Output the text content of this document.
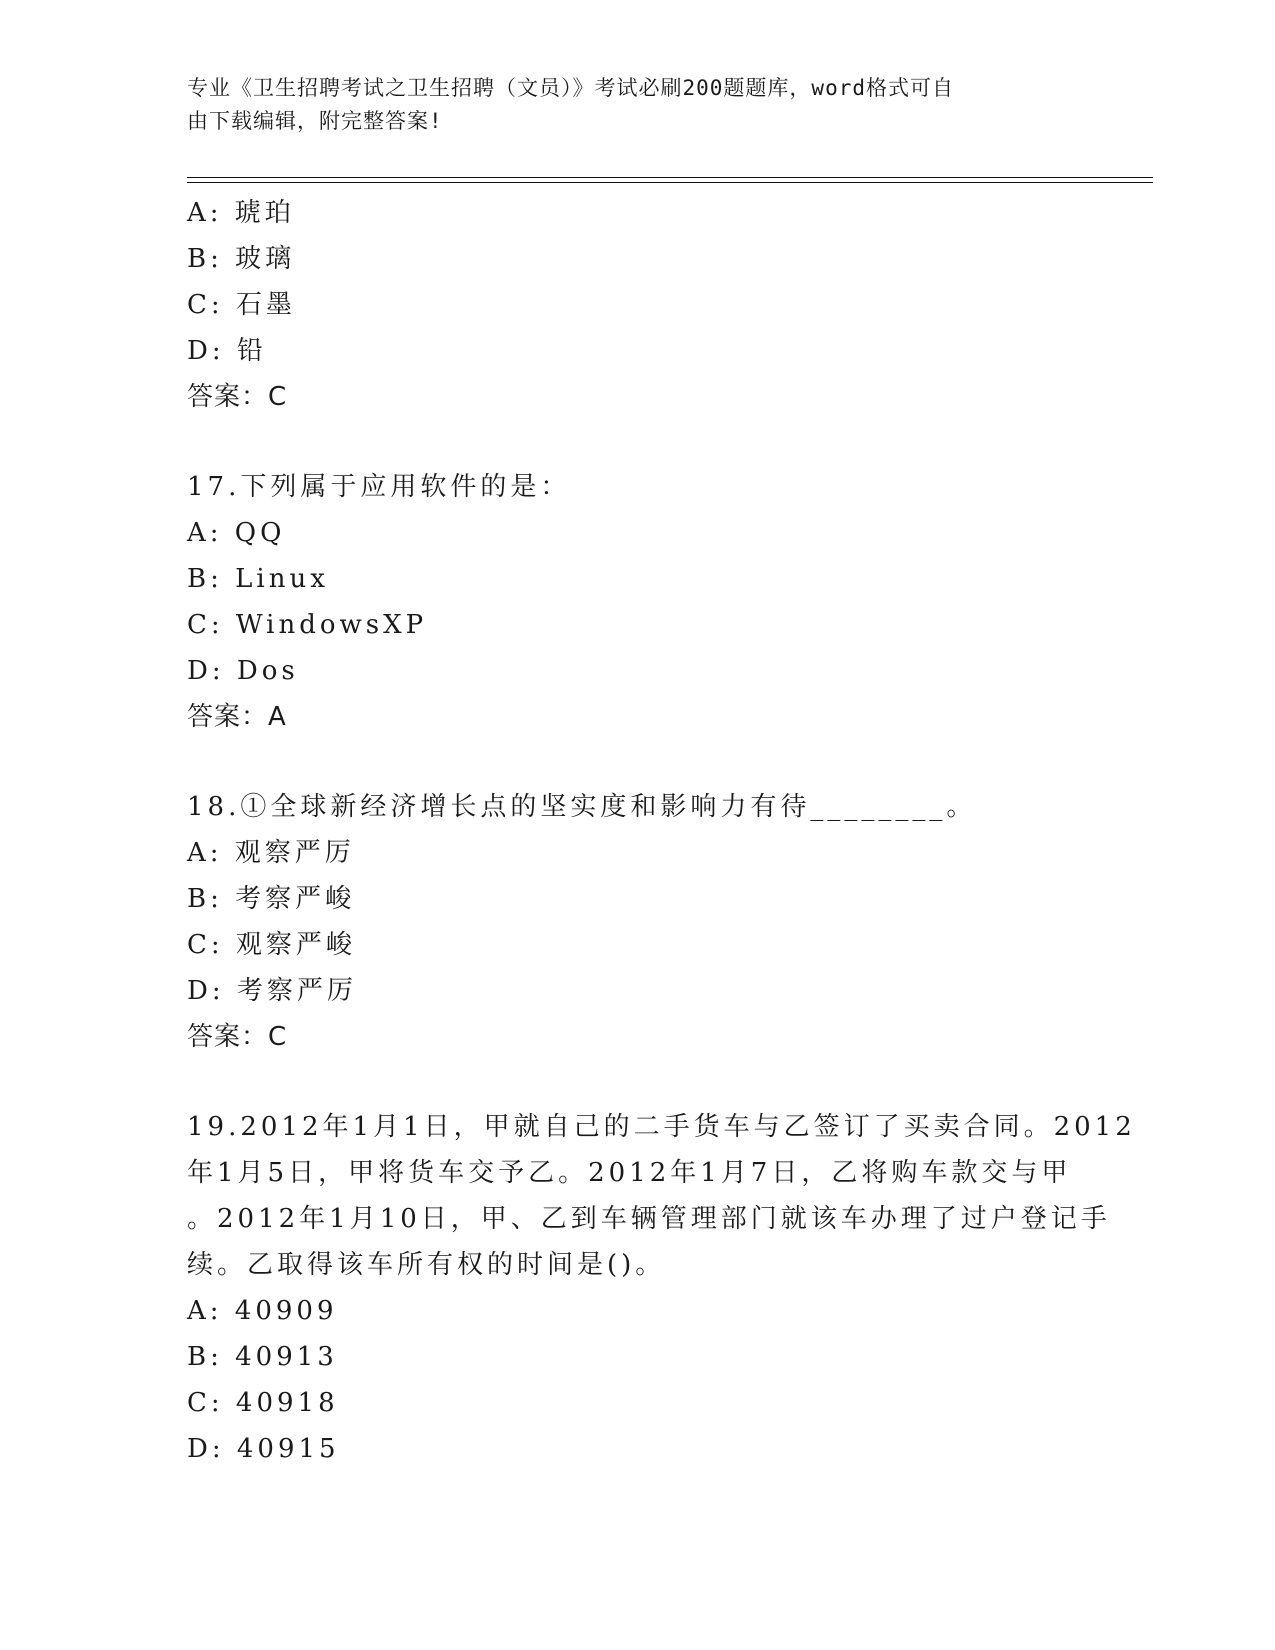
专业《卫生招聘考试之卫生招聘（文员）》考试必刷200题题库，word格式可自
由下载编辑，附完整答案!
A: 琥珀
B: 玻璃
C: 石墨
D: 铅
答案：C
17.下列属于应用软件的是：
A: QQ
B: Linux
C: WindowsXP
D: Dos
答案：A
18.①全球新经济增长点的坚实度和影响力有待________。
A: 观察严厉
B: 考察严峻
C: 观察严峻
D: 考察严厉
答案：C
19.2012年1月1日，甲就自己的二手货车与乙签订了买卖合同。2012
年1月5日，甲将货车交予乙。2012年1月7日，乙将购车款交与甲
。2012年1月10日，甲、乙到车辆管理部门就该车办理了过户登记手
续。乙取得该车所有权的时间是()。
A: 40909
B: 40913
C: 40918
D: 40915
